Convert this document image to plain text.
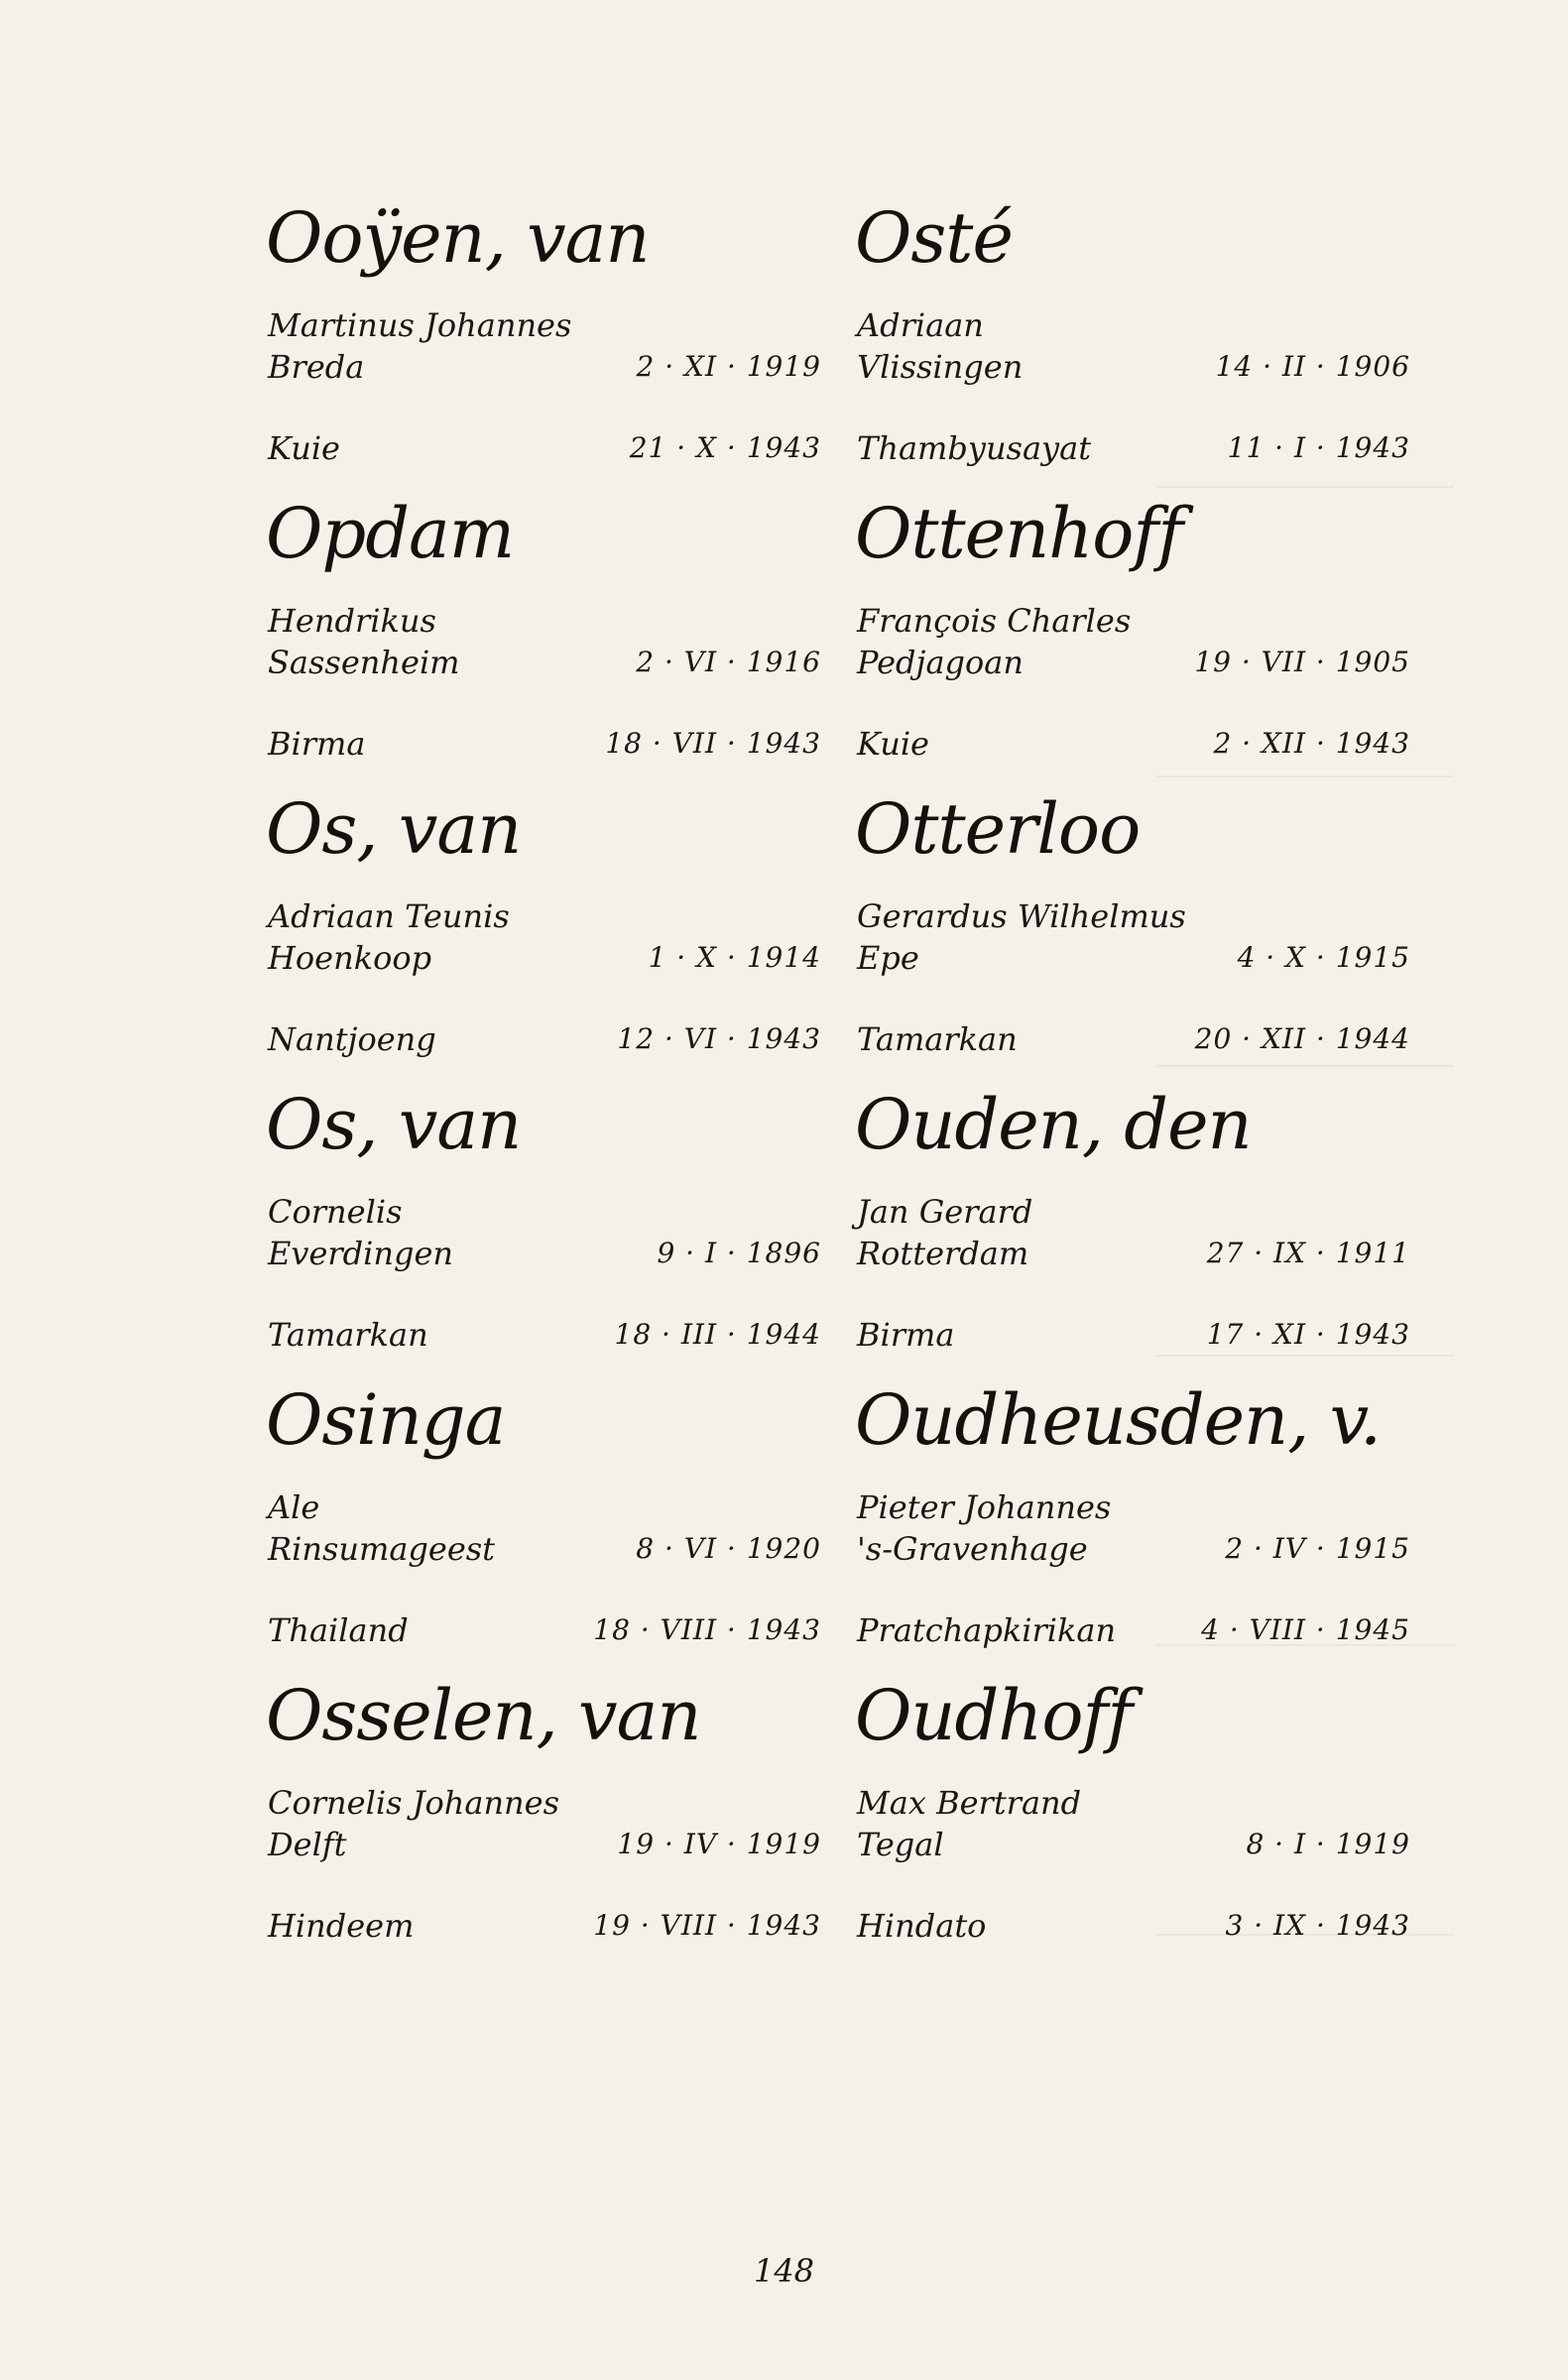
Ooÿen, van
Martinus Johannes
Breda	2 · XI · 1919
Kuie	21 · X · 1943
Opdam
Hendrikus
Sassenheim	2 · VI · 1916
Birma	18 · VII · 1943
Os, van
Adriaan Teunis
Hoenkoop	1 · X · 1914
Nantjoeng	12 · VI · 1943
Os, van
Cornelis
Everdingen	9 · I · 1896
Tamarkan	18 · III · 1944
Osinga
Ale
Rinsumageest	8 · VI · 1920
Thailand	18 · VIII · 1943
Osselen, van
Cornelis Johannes
Delft	19 · IV · 1919
Hindeem	19 · VIII · 1943
Osté
Adriaan
Vlissingen	14 · II · 1906
Thambyusayat	11 · I · 1943
Ottenhoff
François Charles
Pedjagoan	19 · VII · 1905
Kuie	2 · XII · 1943
Otterloo
Gerardus Wilhelmus
Epe	4 · X · 1915
Tamarkan	20 · XII · 1944
Ouden, den
Jan Gerard
Rotterdam	27 · IX · 1911
Birma	17 · XI · 1943
Oudheusden, v.
Pieter Johannes
's-Gravenhage	2 · IV · 1915
Pratchapkirikan	4 · VIII · 1945
Oudhoff
Max Bertrand
Tegal	8 · I · 1919
Hindato	3 · IX · 1943
148
